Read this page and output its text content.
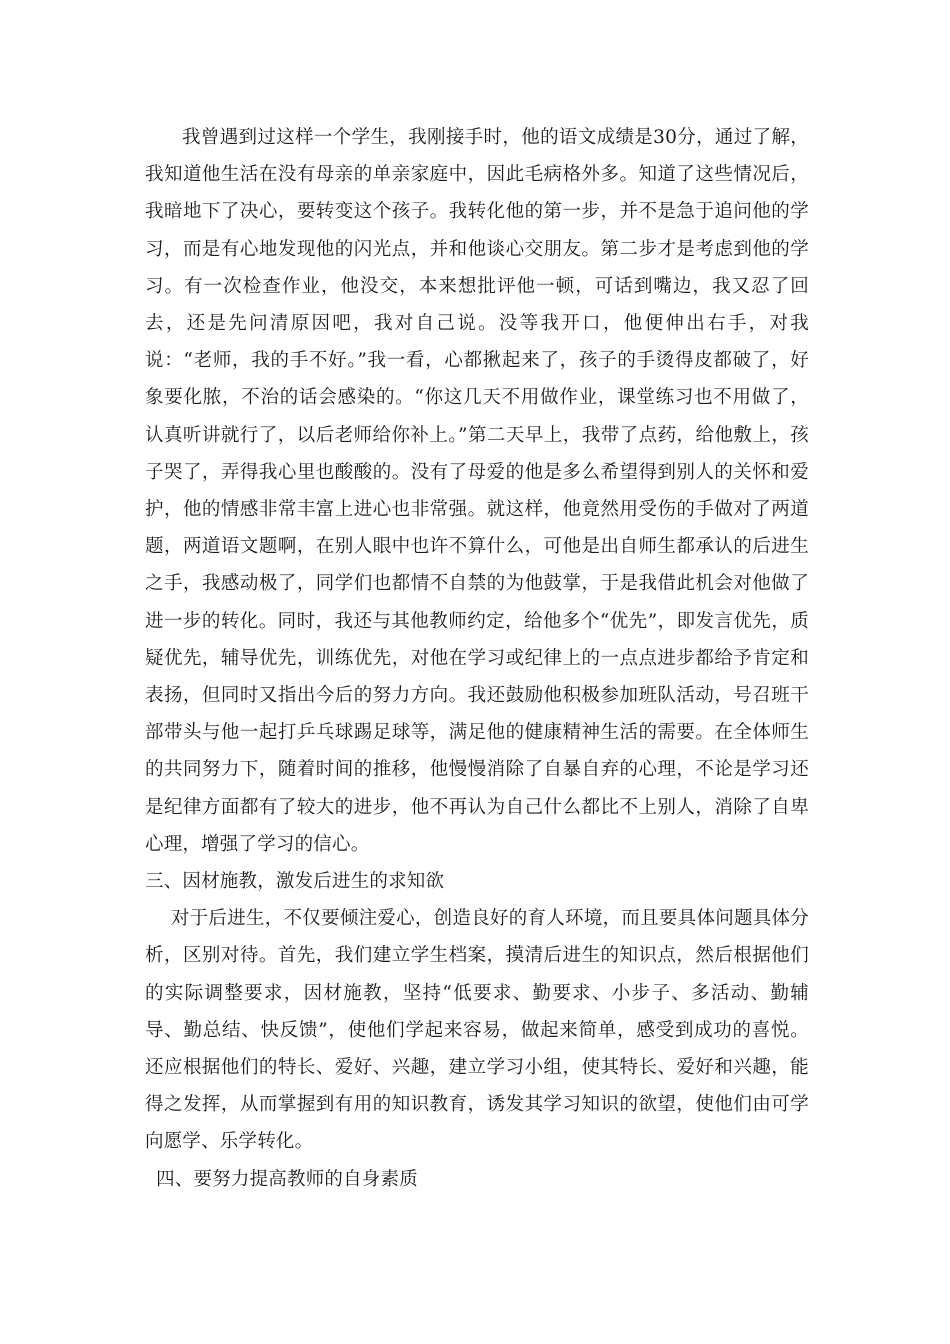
我曾遇到过这样一个学生，我刚接手时，他的语文成绩是30分，通过了解，我知道他生活在没有母亲的单亲家庭中，因此毛病格外多。知道了这些情况后，我暗地下了决心，要转变这个孩子。我转化他的第一步，并不是急于追问他的学习，而是有心地发现他的闪光点，并和他谈心交朋友。第二步才是考虑到他的学习。有一次检查作业，他没交，本来想批评他一顿，可话到嘴边，我又忍了回去，还是先问清原因吧，我对自己说。没等我开口，他便伸出右手，对我说：“老师，我的手不好。”我一看，心都揪起来了，孩子的手烫得皮都破了，好象要化脓，不治的话会感染的。“你这几天不用做作业，课堂练习也不用做了，认真听讲就行了，以后老师给你补上。”第二天早上，我带了点药，给他敷上，孩子哭了，弄得我心里也酸酸的。没有了母爱的他是多么希望得到别人的关怀和爱护，他的情感非常丰富上进心也非常强。就这样，他竟然用受伤的手做对了两道题，两道语文题啊，在别人眼中也许不算什么，可他是出自师生都承认的后进生之手，我感动极了，同学们也都情不自禁的为他鼓掌，于是我借此机会对他做了进一步的转化。同时，我还与其他教师约定，给他多个“优先”，即发言优先，质疑优先，辅导优先，训练优先，对他在学习或纪律上的一点点进步都给予肯定和表扬，但同时又指出今后的努力方向。我还鼓励他积极参加班队活动，号召班干部带头与他一起打乒乓球踢足球等，满足他的健康精神生活的需要。在全体师生的共同努力下，随着时间的推移，他慢慢消除了自暴自弃的心理，不论是学习还是纪律方面都有了较大的进步，他不再认为自己什么都比不上别人，消除了自卑心理，增强了学习的信心。

三、因材施教，激发后进生的求知欲

对于后进生，不仅要倾注爱心，创造良好的育人环境，而且要具体问题具体分析，区别对待。首先，我们建立学生档案，摸清后进生的知识点，然后根据他们的实际调整要求，因材施教，坚持“低要求、勤要求、小步子、多活动、勤辅导、勤总结、快反馈”，使他们学起来容易，做起来简单，感受到成功的喜悦。还应根据他们的特长、爱好、兴趣，建立学习小组，使其特长、爱好和兴趣，能得之发挥，从而掌握到有用的知识教育，诱发其学习知识的欲望，使他们由可学向愿学、乐学转化。

四、要努力提高教师的自身素质
